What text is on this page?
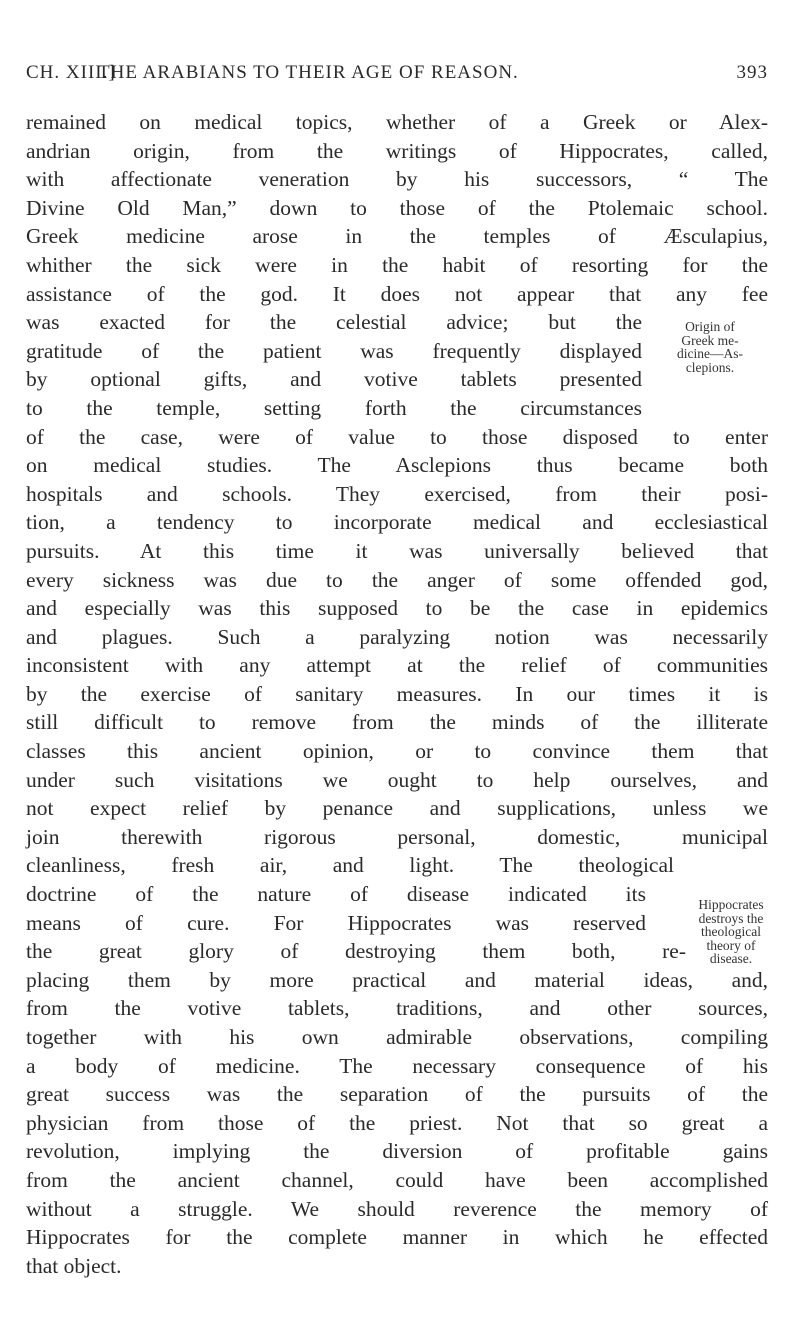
CH. XIII.]
THE ARABIANS TO THEIR AGE OF REASON.	393
remained on medical topics, whether of a Greek or Alex-
andrian origin, from the writings of Hippocrates, called,
with affectionate veneration by his successors, “ The
Divine Old Man,” down to those of the Ptolemaic school.
Greek medicine arose in the temples of Æsculapius,
whither the sick were in the habit of resorting for the
assistance of the god. It does not appear that any fee
was exacted for the celestial advice; but the
gratitude of the patient was frequently displayed
by optional gifts, and votive tablets presented
to the temple, setting forth the circumstances
of the case, were of value to those disposed to enter
on medical studies. The Asclepions thus became both
hospitals and schools. They exercised, from their posi-
tion, a tendency to incorporate medical and ecclesiastical
pursuits. At this time it was universally believed that
every sickness was due to the anger of some offended god,
and especially was this supposed to be the case in epidemics
and plagues. Such a paralyzing notion was necessarily
inconsistent with any attempt at the relief of communities
by the exercise of sanitary measures. In our times it is
still difficult to remove from the minds of the illiterate
classes this ancient opinion, or to convince them that
under such visitations we ought to help ourselves, and
not expect relief by penance and supplications, unless we
join therewith rigorous personal, domestic, municipal
cleanliness, fresh air, and light. The theological
doctrine of the nature of disease indicated its
means of cure. For Hippocrates was reserved
the great glory of destroying them both, re-
placing them by more practical and material ideas, and,
from the votive tablets, traditions, and other sources,
together with his own admirable observations, compiling
a body of medicine. The necessary consequence of his
great success was the separation of the pursuits of the
physician from those of the priest. Not that so great a
revolution, implying the diversion of profitable gains
from the ancient channel, could have been accomplished
without a struggle. We should reverence the memory of
Hippocrates for the complete manner in which he effected
that object.
Origin of
Greek me-
dicine—As-
clepions.
Hippocrates
destroys the
theological
theory of
disease.
